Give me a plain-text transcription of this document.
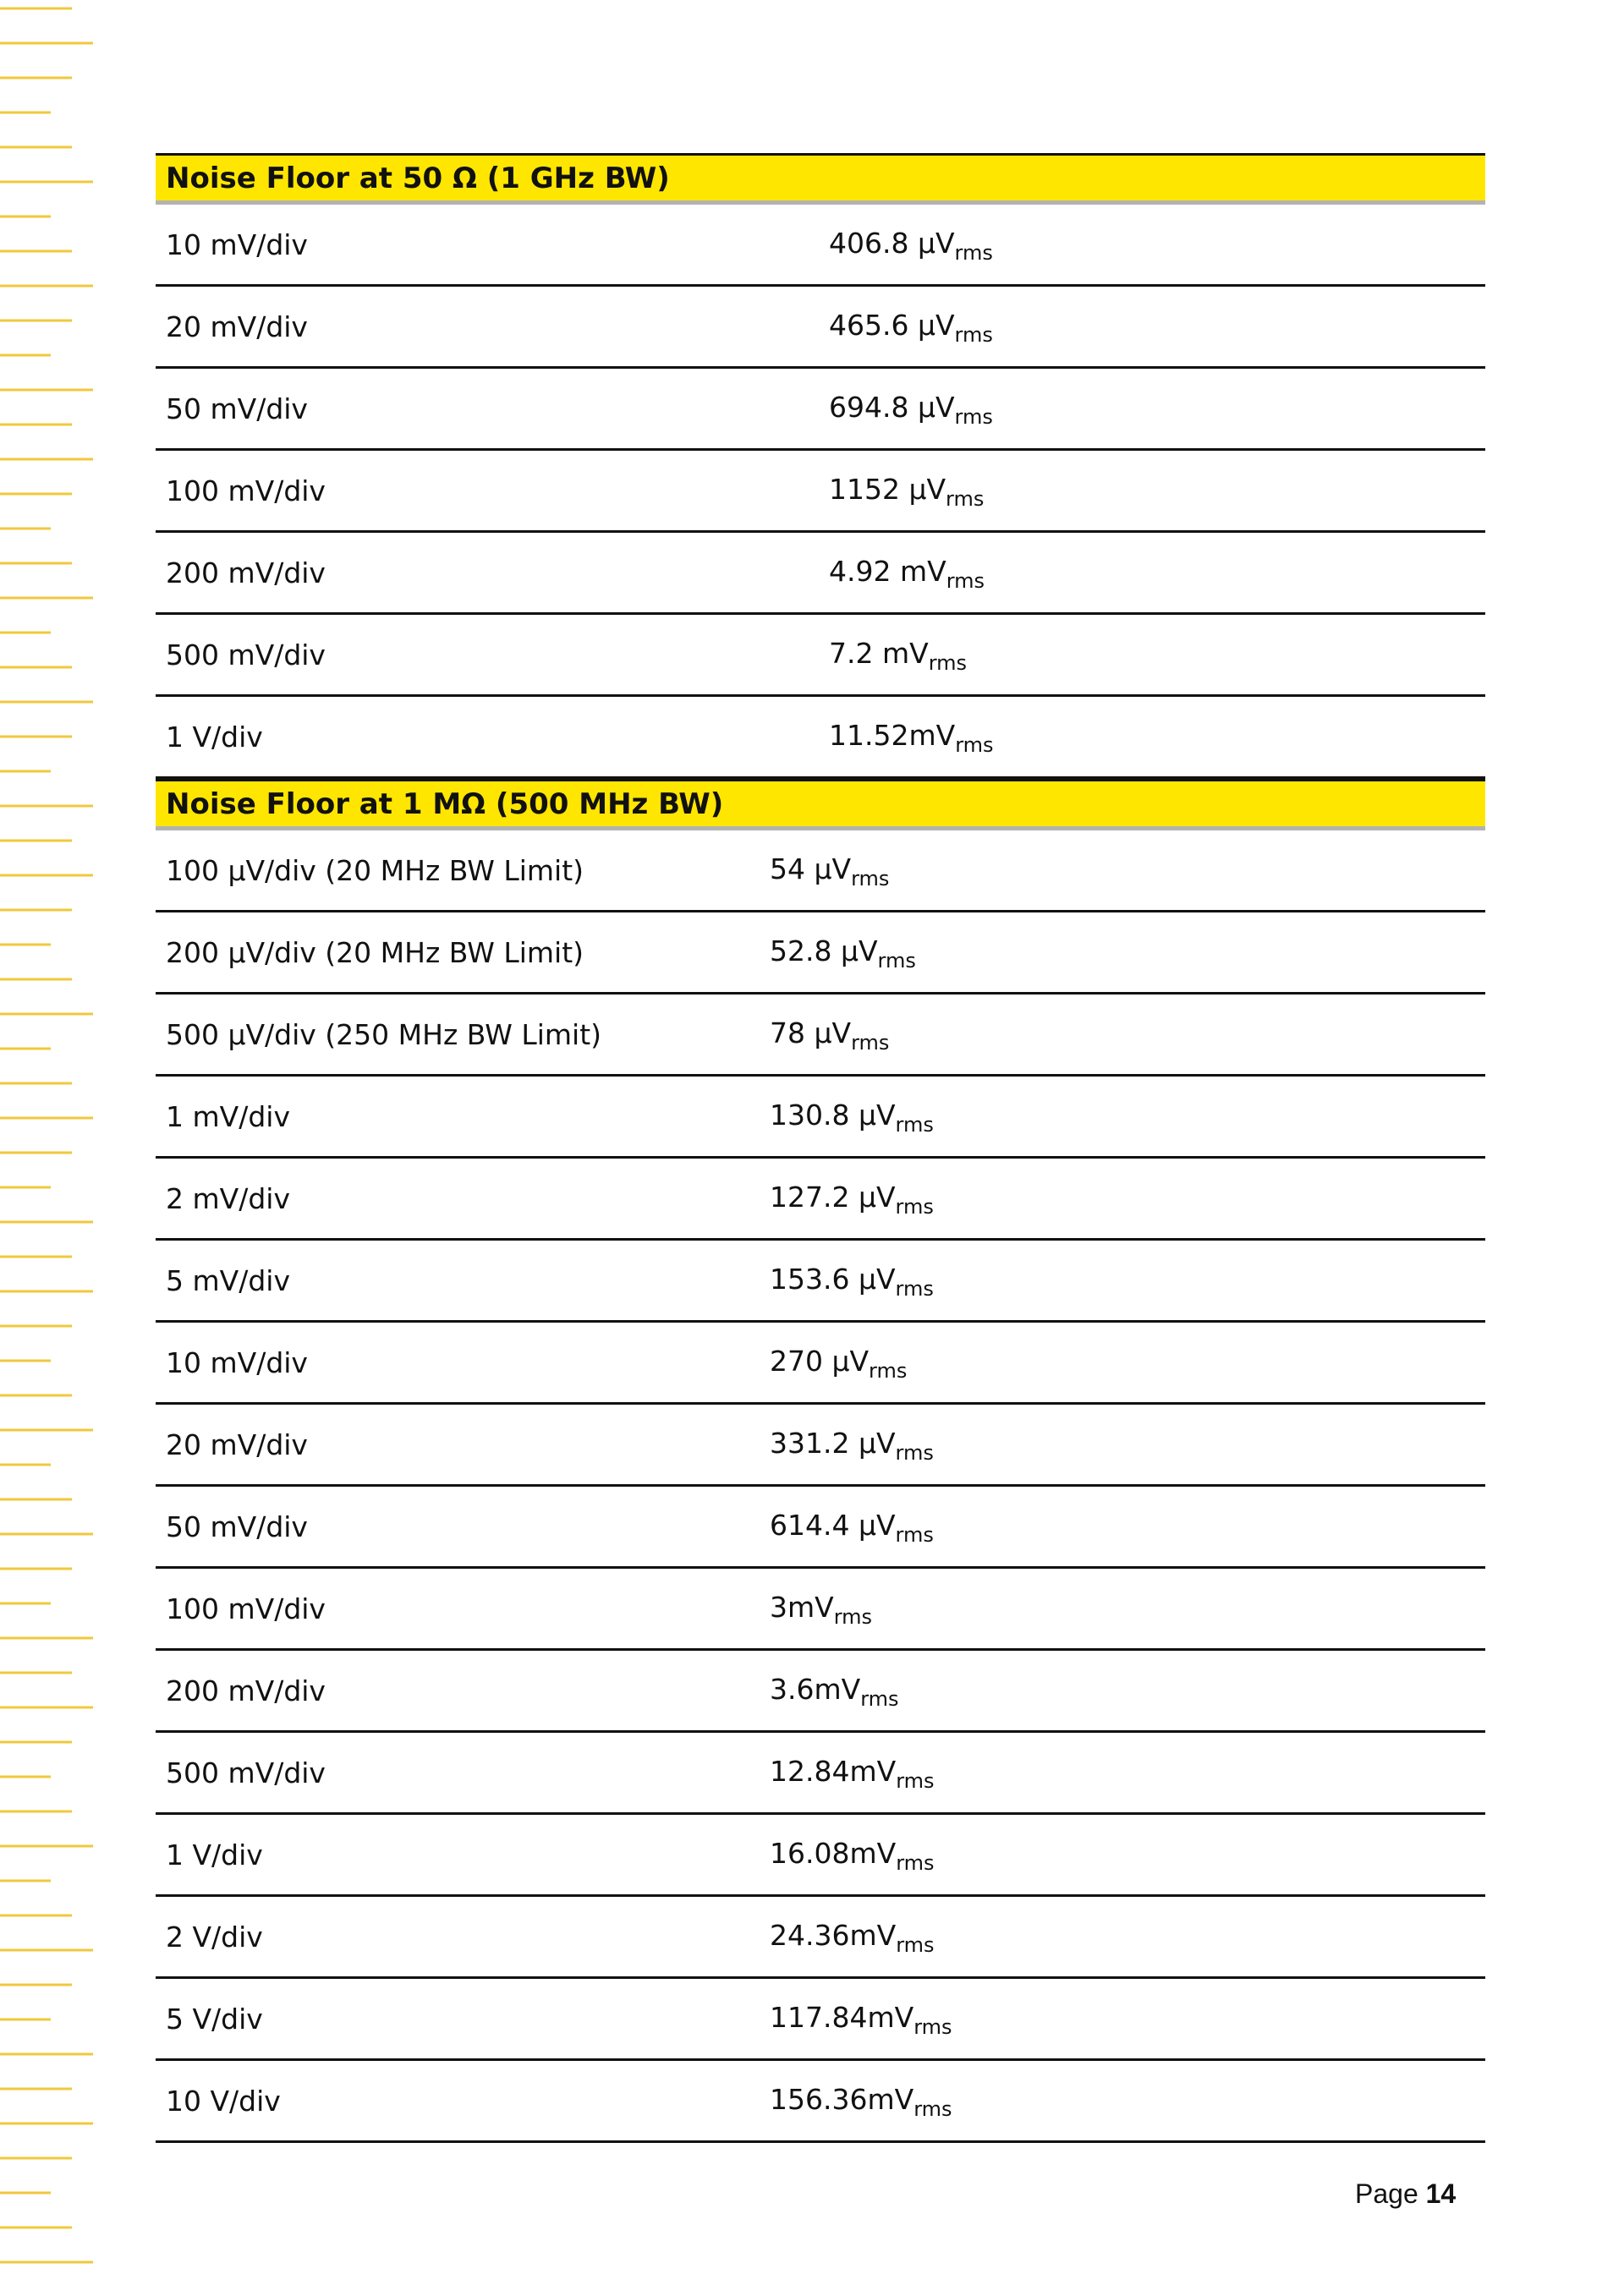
Noise Floor at 50 Ω (1 GHz BW)
10 mV/div	406.8 $\mu V_{rms}$
20 mV/div	465.6 $\mu V_{rms}$
50 mV/div	694.8 $\mu V_{rms}$
100 mV/div	1152 $\mu V_{rms}$
200 mV/div	4.92 $mV_{rms}$
500 mV/div	7.2 $mV_{rms}$
1 V/div	$11.52mV_{rms}$
Noise Floor at 1 MΩ (500 MHz BW)
100 μV/div (20 MHz BW Limit)	54 $\mu V_{rms}$
200 μV/div (20 MHz BW Limit)	52.8 $\mu V_{rms}$
500 μV/div (250 MHz BW Limit)	78 $\mu V_{rms}$
1 mV/div	130.8 $\mu V_{rms}$
2 mV/div	127.2 $\mu V_{rms}$
5 mV/div	153.6 $\mu V_{rms}$
10 mV/div	270 $\mu V_{rms}$
20 mV/div	331.2 $\mu V_{rms}$
50 mV/div	614.4 $\mu V_{rms}$
100 mV/div	$3mV_{rms}$
200 mV/div	$3.6mV_{rms}$
500 mV/div	$12.84mV_{rms}$
1 V/div	$16.08mV_{rms}$
2 V/div	$24.36mV_{rms}$
5 V/div	$117.84mV_{rms}$
10 V/div	$156.36mV_{rms}$
Page 14
